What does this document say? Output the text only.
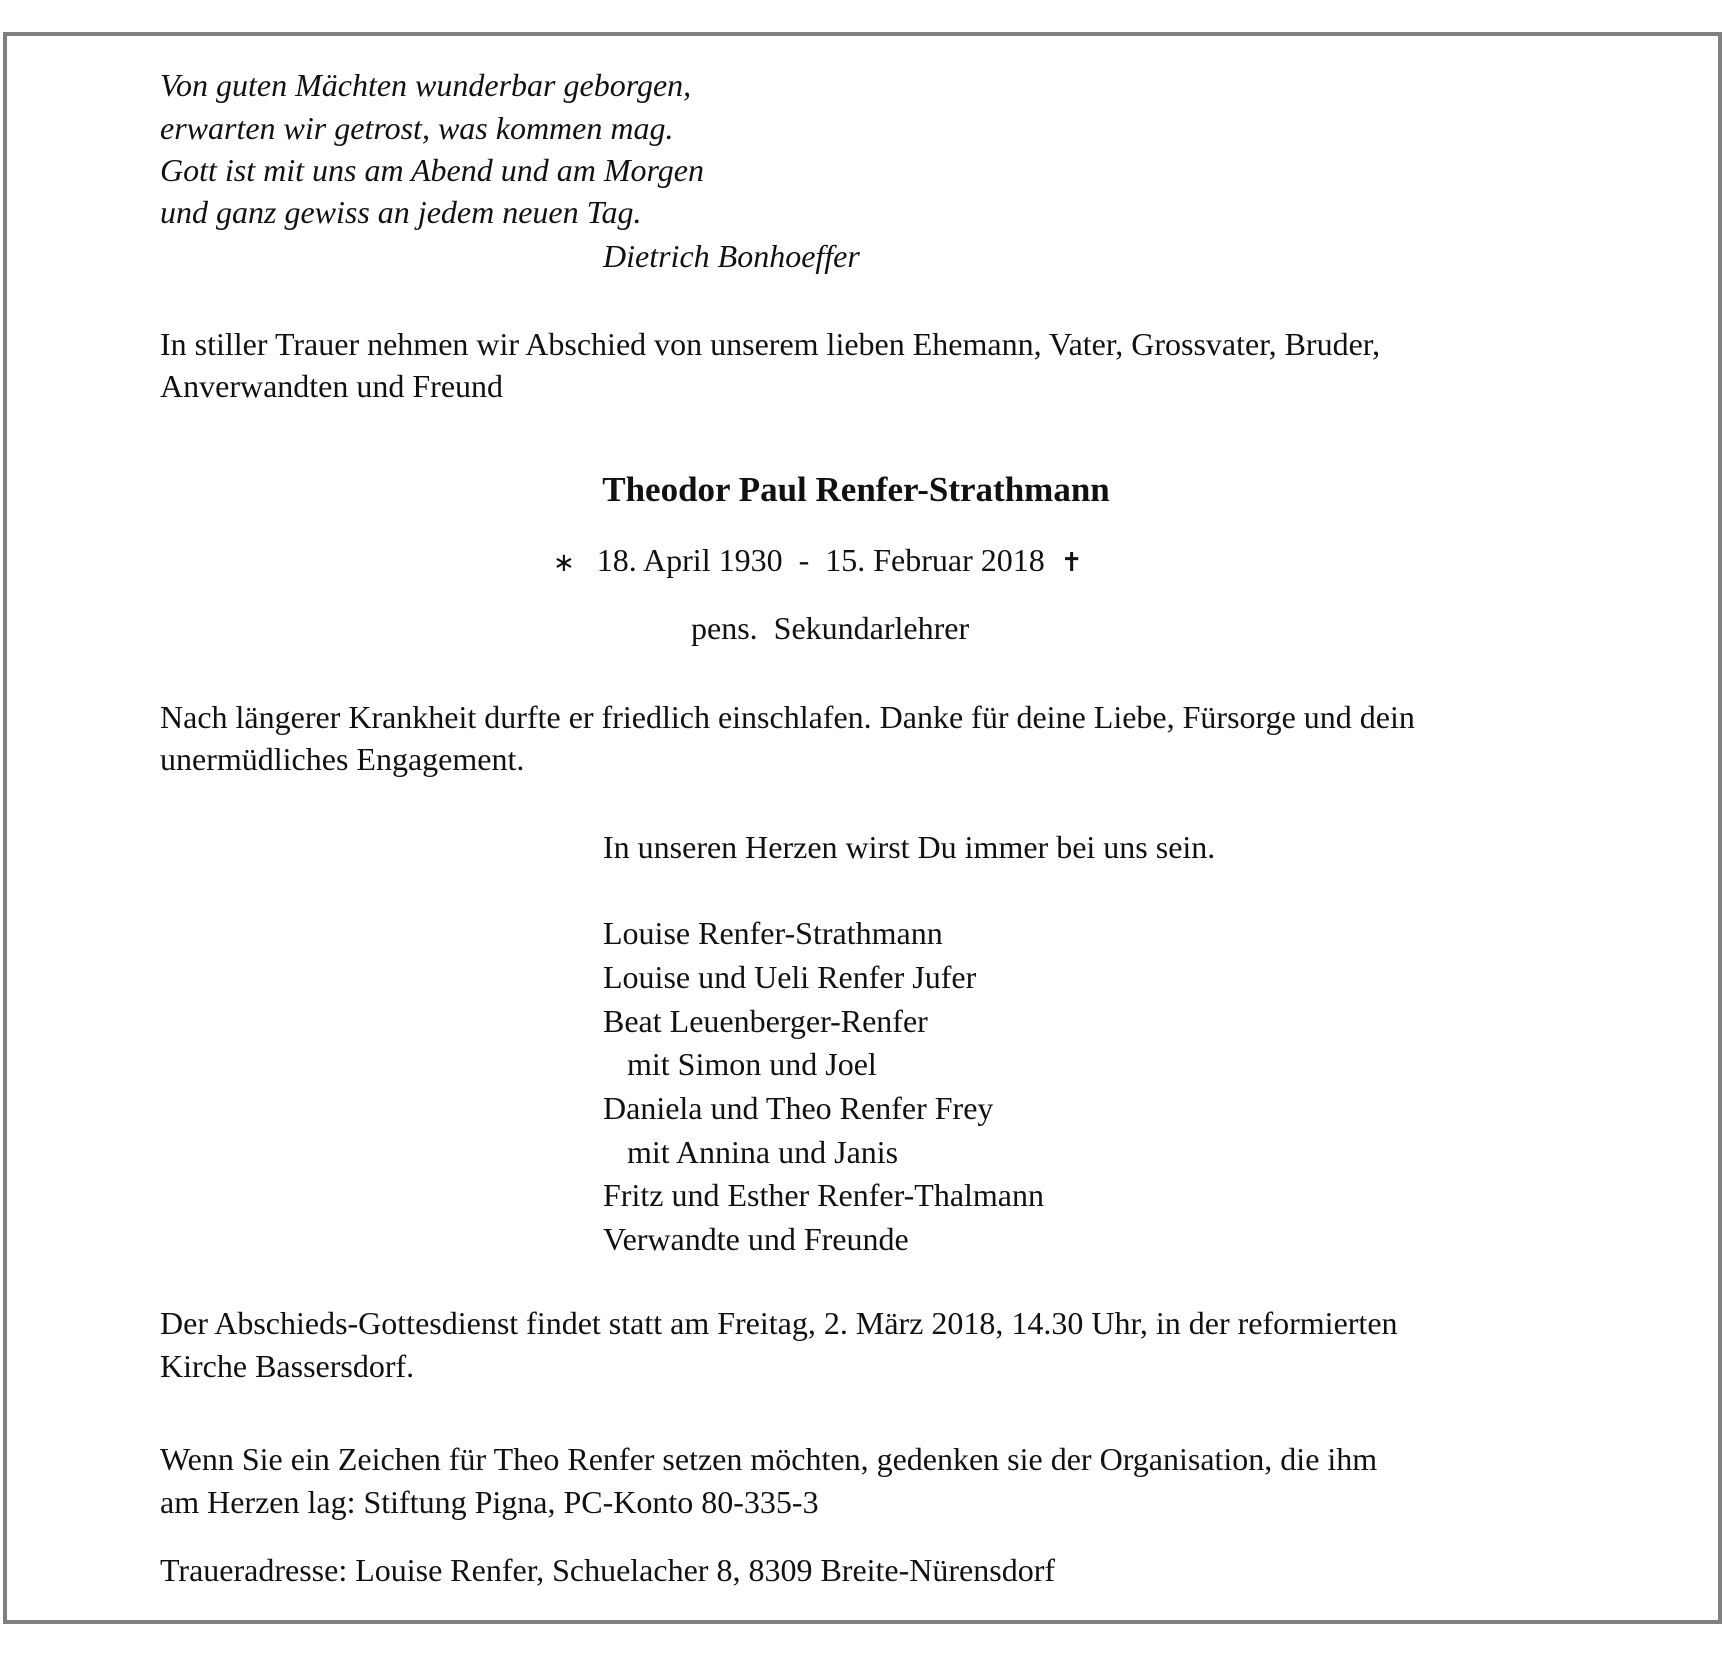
Von guten Mächten wunderbar geborgen,
erwarten wir getrost, was kommen mag.
Gott ist mit uns am Abend und am Morgen
und ganz gewiss an jedem neuen Tag.
Dietrich Bonhoeffer
In stiller Trauer nehmen wir Abschied von unserem lieben Ehemann, Vater, Grossvater, Bruder,
Anverwandten und Freund
Theodor Paul Renfer-Strathmann
∗ 18. April 1930  -  15. Februar 2018 ✝
pens.  Sekundarlehrer
Nach längerer Krankheit durfte er friedlich einschlafen. Danke für deine Liebe, Fürsorge und dein
unermüdliches Engagement.
In unseren Herzen wirst Du immer bei uns sein.
Louise Renfer-Strathmann
Louise und Ueli Renfer Jufer
Beat Leuenberger-Renfer
mit Simon und Joel
Daniela und Theo Renfer Frey
mit Annina und Janis
Fritz und Esther Renfer-Thalmann
Verwandte und Freunde
Der Abschieds-Gottesdienst findet statt am Freitag, 2. März 2018, 14.30 Uhr, in der reformierten
Kirche Bassersdorf.
Wenn Sie ein Zeichen für Theo Renfer setzen möchten, gedenken sie der Organisation, die ihm
am Herzen lag: Stiftung Pigna, PC-Konto 80-335-3
Traueradresse: Louise Renfer, Schuelacher 8, 8309 Breite-Nürensdorf
